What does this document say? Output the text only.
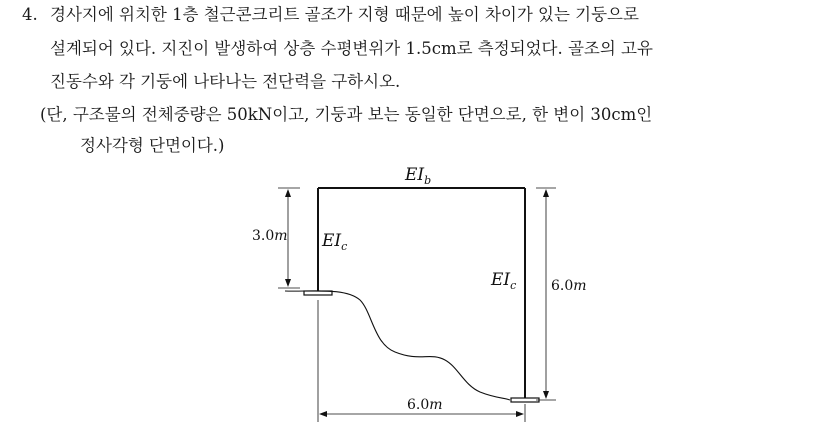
4. 경사지에 위치한 1층 철근콘크리트 골조가 지형 때문에 높이 차이가 있는 기둥으로
설계되어 있다. 지진이 발생하여 상층 수평변위가 1.5cm로 측정되었다. 골조의 고유
진동수와 각 기둥에 나타나는 전단력을 구하시오.
(단, 구조물의 전체중량은 50kN이고, 기둥과 보는 동일한 단면으로, 한 변이 30cm인
정사각형 단면이다.)
3.0m
6.0m
6.0m
$EI_b$
$EI_c$
$EI_c$
